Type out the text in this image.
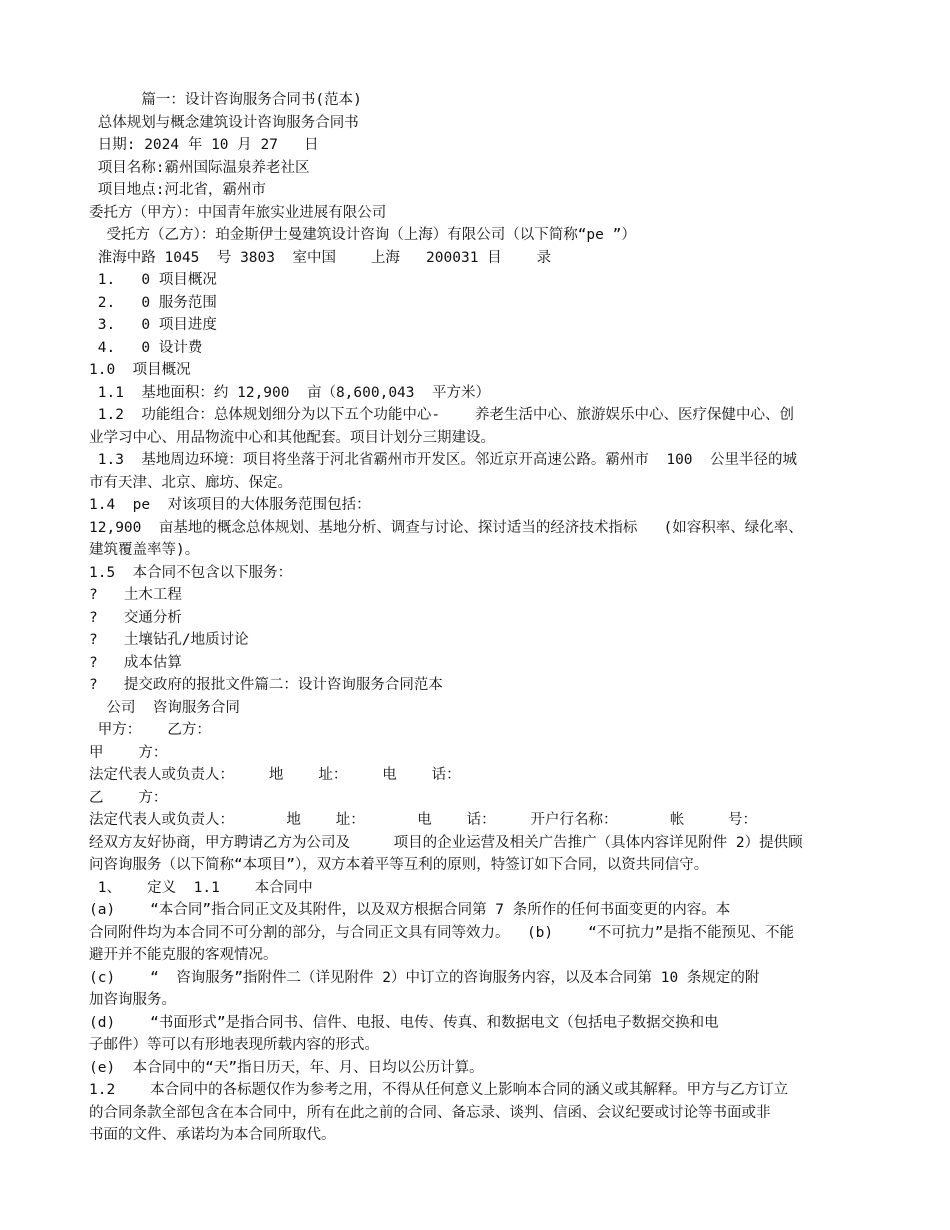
篇一：设计咨询服务合同书(范本)
总体规划与概念建筑设计咨询服务合同书
日期: 2024 年 10 月 27   日
项目名称:霸州国际温泉养老社区
项目地点:河北省，霸州市
委托方（甲方）：中国青年旅实业进展有限公司
受托方（乙方）：珀金斯伊士曼建筑设计咨询（上海）有限公司（以下简称“pe ”）
淮海中路 1045  号 3803  室中国    上海   200031 目    录
1.   0 项目概况
2.   0 服务范围
3.   0 项目进度
4.   0 设计费
1.0  项目概况
1.1  基地面积：约 12,900  亩（8,600,043  平方米）
1.2  功能组合：总体规划细分为以下五个功能中心-    养老生活中心、旅游娱乐中心、医疗保健中心、创
业学习中心、用品物流中心和其他配套。项目计划分三期建设。
1.3  基地周边环境：项目将坐落于河北省霸州市开发区。邻近京开高速公路。霸州市  100  公里半径的城
市有天津、北京、廊坊、保定。
1.4  pe  对该项目的大体服务范围包括：
12,900  亩基地的概念总体规划、基地分析、调查与讨论、探讨适当的经济技术指标   (如容积率、绿化率、
建筑覆盖率等)。
1.5  本合同不包含以下服务：
?   土木工程
?   交通分析
?   土壤钻孔/地质讨论
?   成本估算
?   提交政府的报批文件篇二：设计咨询服务合同范本
公司  咨询服务合同
甲方：   乙方：
甲    方：
法定代表人或负责人：    地    址：    电    话：
乙    方：
法定代表人或负责人：      地    址：      电    话：    开户行名称：      帐     号：
经双方友好协商，甲方聘请乙方为公司及     项目的企业运营及相关广告推广（具体内容详见附件 2）提供顾
问咨询服务（以下简称“本项目”），双方本着平等互利的原则，特签订如下合同，以资共同信守。
1、   定义  1.1    本合同中
(a)    “本合同”指合同正文及其附件，以及双方根据合同第 7 条所作的任何书面变更的内容。本
合同附件均为本合同不可分割的部分，与合同正文具有同等效力。  (b)    “不可抗力”是指不能预见、不能
避开并不能克服的客观情况。
(c)    “  咨询服务”指附件二（详见附件 2）中订立的咨询服务内容，以及本合同第 10 条规定的附
加咨询服务。
(d)    “书面形式”是指合同书、信件、电报、电传、传真、和数据电文（包括电子数据交换和电
子邮件）等可以有形地表现所载内容的形式。
(e)  本合同中的“天”指日历天，年、月、日均以公历计算。
1.2    本合同中的各标题仅作为参考之用，不得从任何意义上影响本合同的涵义或其解释。甲方与乙方订立
的合同条款全部包含在本合同中，所有在此之前的合同、备忘录、谈判、信函、会议纪要或讨论等书面或非
书面的文件、承诺均为本合同所取代。
